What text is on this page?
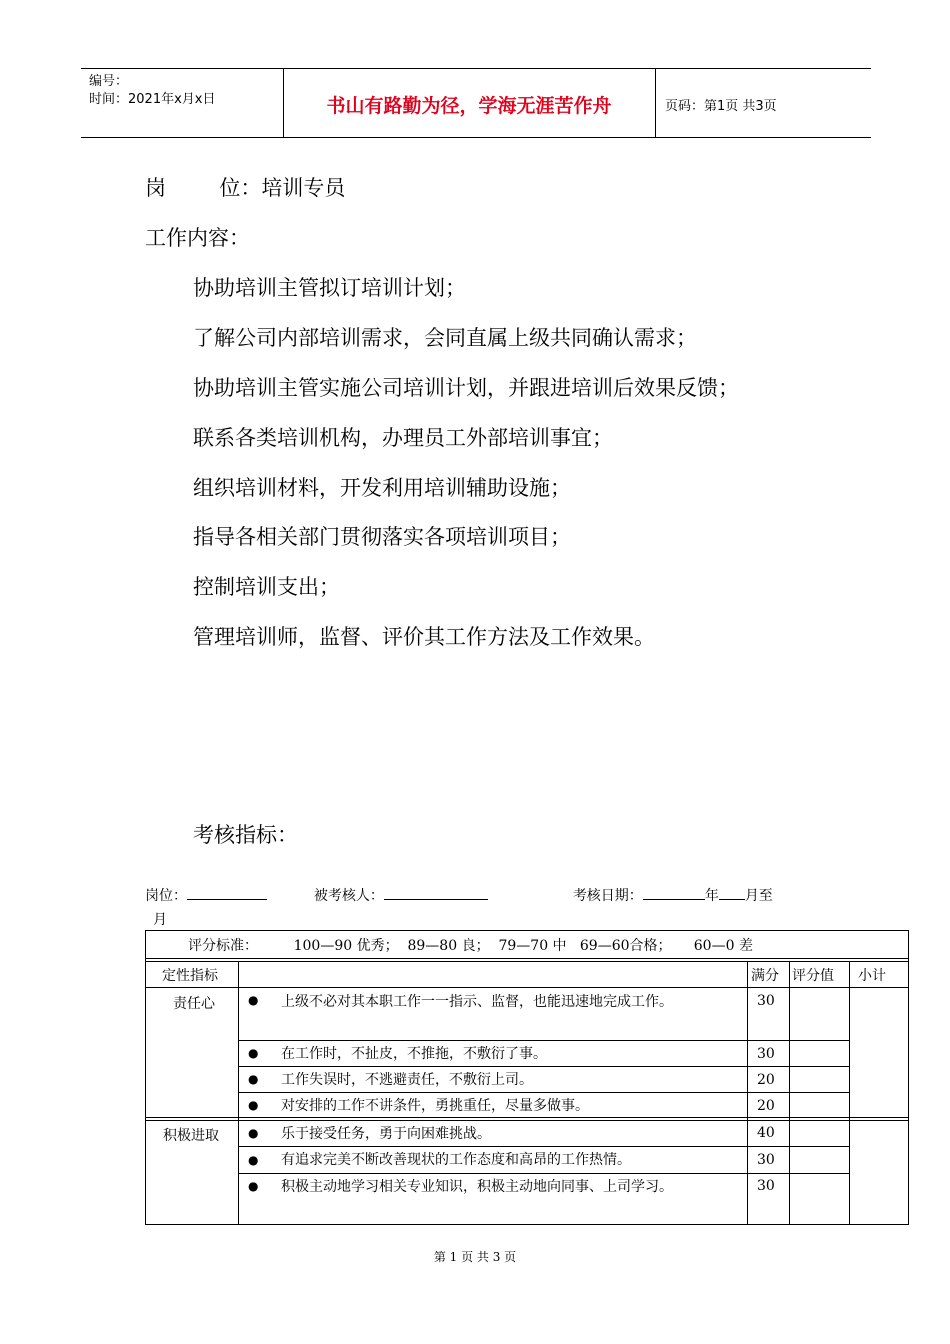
编号：
时间：2021年x月x日	书山有路勤为径，学海无涯苦作舟	页码：第1页 共3页
岗        位：培训专员
工作内容：
协助培训主管拟订培训计划；
了解公司内部培训需求，会同直属上级共同确认需求；
协助培训主管实施公司培训计划，并跟进培训后效果反馈；
联系各类培训机构，办理员工外部培训事宜；
组织培训材料，开发利用培训辅助设施；
指导各相关部门贯彻落实各项培训项目；
控制培训支出；
管理培训师，监督、评价其工作方法及工作效果。
考核指标：
岗位：	被考核人：	考核日期：	年 月至
月
评分标准：        100—90 优秀；  89—80 良；  79—70 中   69—60合格；     60—0 差
定性指标	满分 评分值 小计
责任心	● 上级不必对其本职工作一一指示、监督，也能迅速地完成工作。	30
● 在工作时，不扯皮，不推拖，不敷衍了事。	30
● 工作失误时，不逃避责任，不敷衍上司。	20
● 对安排的工作不讲条件，勇挑重任，尽量多做事。	20
积极进取 ● 乐于接受任务，勇于向困难挑战。	40
● 有追求完美不断改善现状的工作态度和高昂的工作热情。	30
● 积极主动地学习相关专业知识，积极主动地向同事、上司学习。	30
第 1 页 共 3 页
